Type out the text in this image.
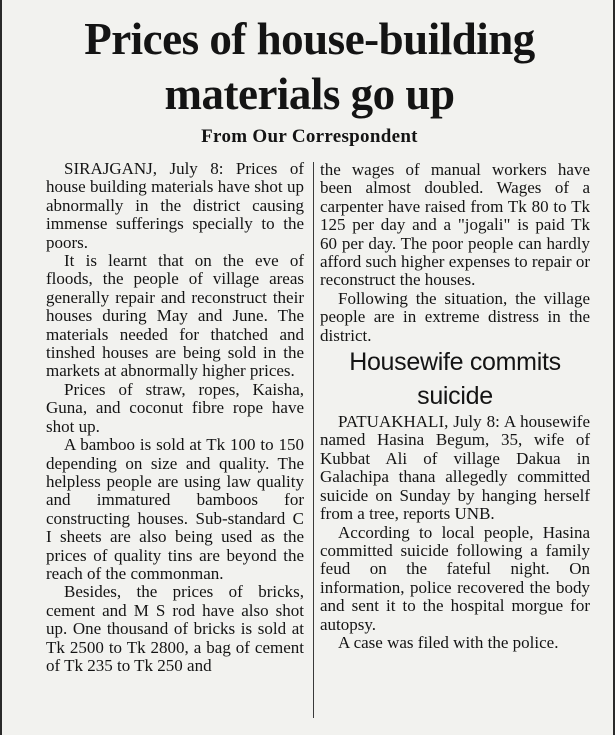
Prices of house-building
materials go up
From Our Correspondent

SIRAJGANJ, July 8: Prices of house building materials have shot up abnormally in the district causing immense sufferings specially to the poors.

It is learnt that on the eve of floods, the people of village areas generally repair and reconstruct their houses during May and June. The materials needed for thatched and tinshed houses are being sold in the markets at abnormally higher prices.

Prices of straw, ropes, Kaisha, Guna, and coconut fibre rope have shot up.

A bamboo is sold at Tk 100 to 150 depending on size and quality. The helpless people are using law quality and immatured bamboos for constructing houses. Sub-standard C I sheets are also being used as the prices of quality tins are beyond the reach of the commonman.

Besides, the prices of bricks, cement and M S rod have also shot up. One thousand of bricks is sold at Tk 2500 to Tk 2800, a bag of cement of Tk 235 to Tk 250 and

the wages of manual workers have been almost doubled. Wages of a carpenter have raised from Tk 80 to Tk 125 per day and a "jogali" is paid Tk 60 per day. The poor people can hardly afford such higher expenses to repair or reconstruct the houses.

Following the situation, the village people are in extreme distress in the district.

Housewife commits suicide

PATUAKHALI, July 8: A housewife named Hasina Begum, 35, wife of Kubbat Ali of village Dakua in Galachipa thana allegedly committed suicide on Sunday by hanging herself from a tree, reports UNB.

According to local people, Hasina committed suicide following a family feud on the fateful night. On information, police recovered the body and sent it to the hospital morgue for autopsy.

A case was filed with the police.
